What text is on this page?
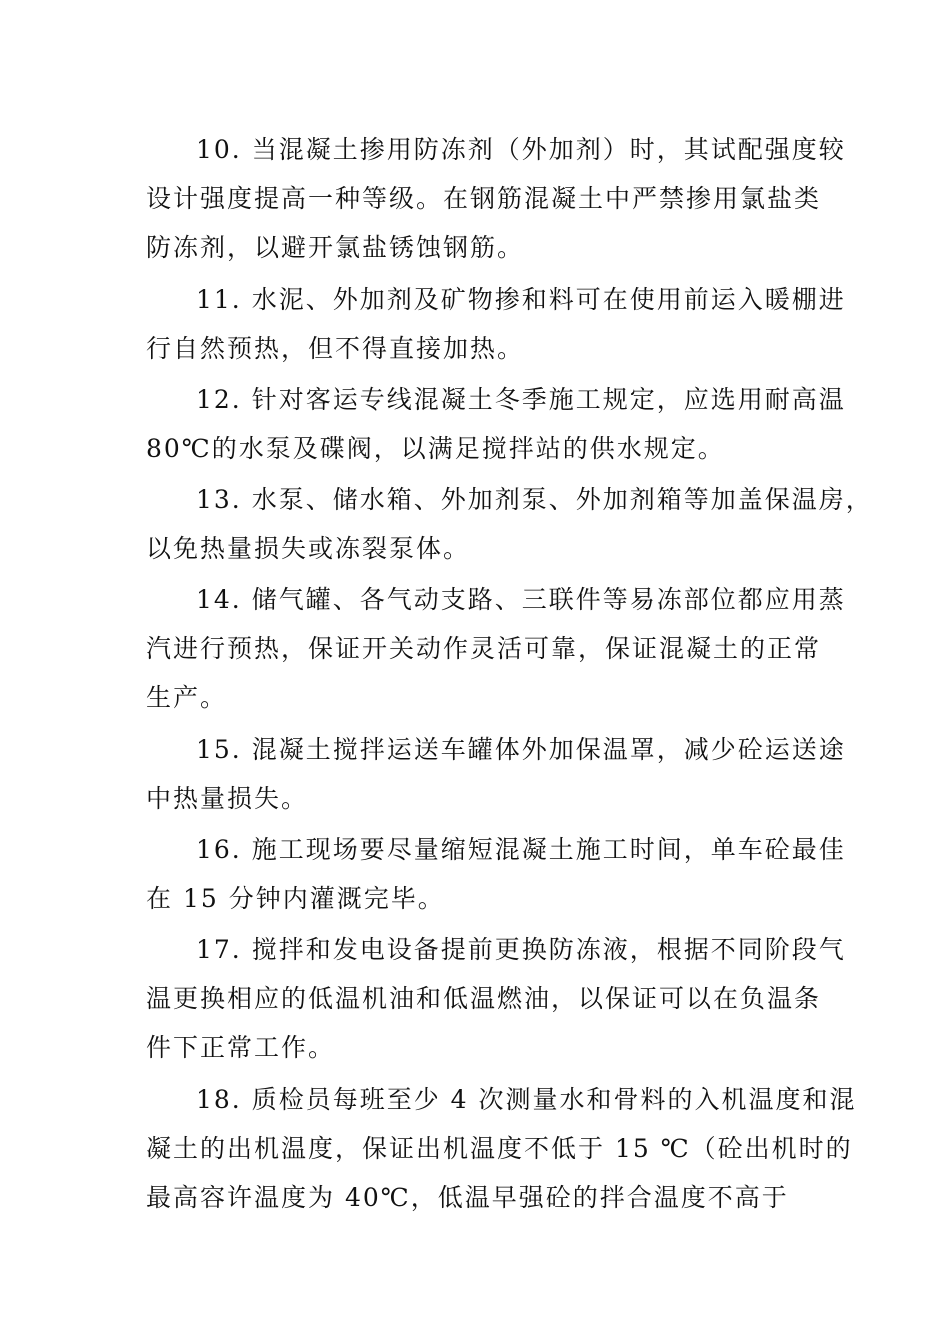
10. 当混凝土掺用防冻剂（外加剂）时，其试配强度较
设计强度提高一种等级。在钢筋混凝土中严禁掺用氯盐类
防冻剂，以避开氯盐锈蚀钢筋。
11. 水泥、外加剂及矿物掺和料可在使用前运入暖棚进
行自然预热，但不得直接加热。
12. 针对客运专线混凝土冬季施工规定，应选用耐高温
80℃的水泵及碟阀，以满足搅拌站的供水规定。
13. 水泵、储水箱、外加剂泵、外加剂箱等加盖保温房，
以免热量损失或冻裂泵体。
14. 储气罐、各气动支路、三联件等易冻部位都应用蒸
汽进行预热，保证开关动作灵活可靠，保证混凝土的正常
生产。
15. 混凝土搅拌运送车罐体外加保温罩，减少砼运送途
中热量损失。
16. 施工现场要尽量缩短混凝土施工时间，单车砼最佳
在 15 分钟内灌溉完毕。
17. 搅拌和发电设备提前更换防冻液，根据不同阶段气
温更换相应的低温机油和低温燃油，以保证可以在负温条
件下正常工作。
18. 质检员每班至少 4 次测量水和骨料的入机温度和混
凝土的出机温度，保证出机温度不低于 15 ℃（砼出机时的
最高容许温度为 40℃，低温早强砼的拌合温度不高于
